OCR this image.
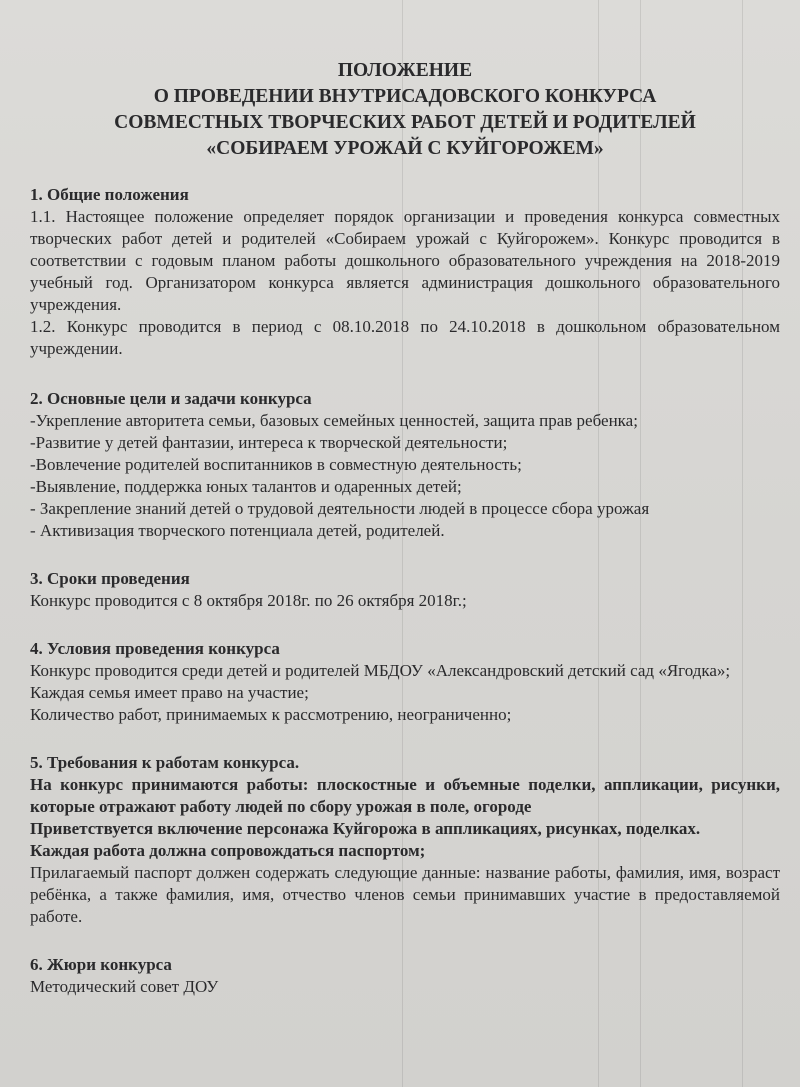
ПОЛОЖЕНИЕ
О ПРОВЕДЕНИИ ВНУТРИСАДОВСКОГО КОНКУРСА
СОВМЕСТНЫХ ТВОРЧЕСКИХ РАБОТ ДЕТЕЙ И РОДИТЕЛЕЙ
«СОБИРАЕМ УРОЖАЙ С КУЙГОРОЖЕМ»
1. Общие положения

1.1. Настоящее положение определяет порядок организации и проведения конкурса совместных творческих работ детей и родителей «Собираем урожай с Куйгорожем». Конкурс проводится в соответствии с годовым планом работы дошкольного образовательного учреждения на 2018-2019 учебный год. Организатором конкурса является администрация дошкольного образовательного учреждения.

1.2. Конкурс проводится в период с 08.10.2018 по 24.10.2018 в дошкольном образовательном учреждении.

2. Основные цели и задачи конкурса

-Укрепление авторитета семьи, базовых семейных ценностей, защита прав ребенка;

-Развитие у детей фантазии, интереса к творческой деятельности;

-Вовлечение родителей воспитанников в совместную деятельность;

-Выявление, поддержка юных талантов и одаренных детей;

- Закрепление знаний детей о трудовой деятельности людей в процессе сбора урожая

- Активизация творческого потенциала детей, родителей.

3. Сроки проведения

Конкурс проводится с 8 октября 2018г. по 26 октября 2018г.;

4. Условия проведения конкурса

Конкурс проводится среди детей и родителей МБДОУ «Александровский детский сад «Ягодка»;

Каждая семья имеет право на участие;

Количество работ, принимаемых к рассмотрению, неограниченно;

5. Требования к работам конкурса.

На конкурс принимаются работы: плоскостные и объемные поделки, аппликации, рисунки, которые отражают работу людей по сбору урожая в поле, огороде

Приветствуется включение персонажа Куйгорожа в аппликациях, рисунках, поделках.

Каждая работа должна сопровождаться паспортом;

Прилагаемый паспорт должен содержать следующие данные: название работы, фамилия, имя, возраст ребёнка, а также фамилия, имя, отчество членов семьи принимавших участие в предоставляемой работе.

6. Жюри конкурса

Методический совет ДОУ
